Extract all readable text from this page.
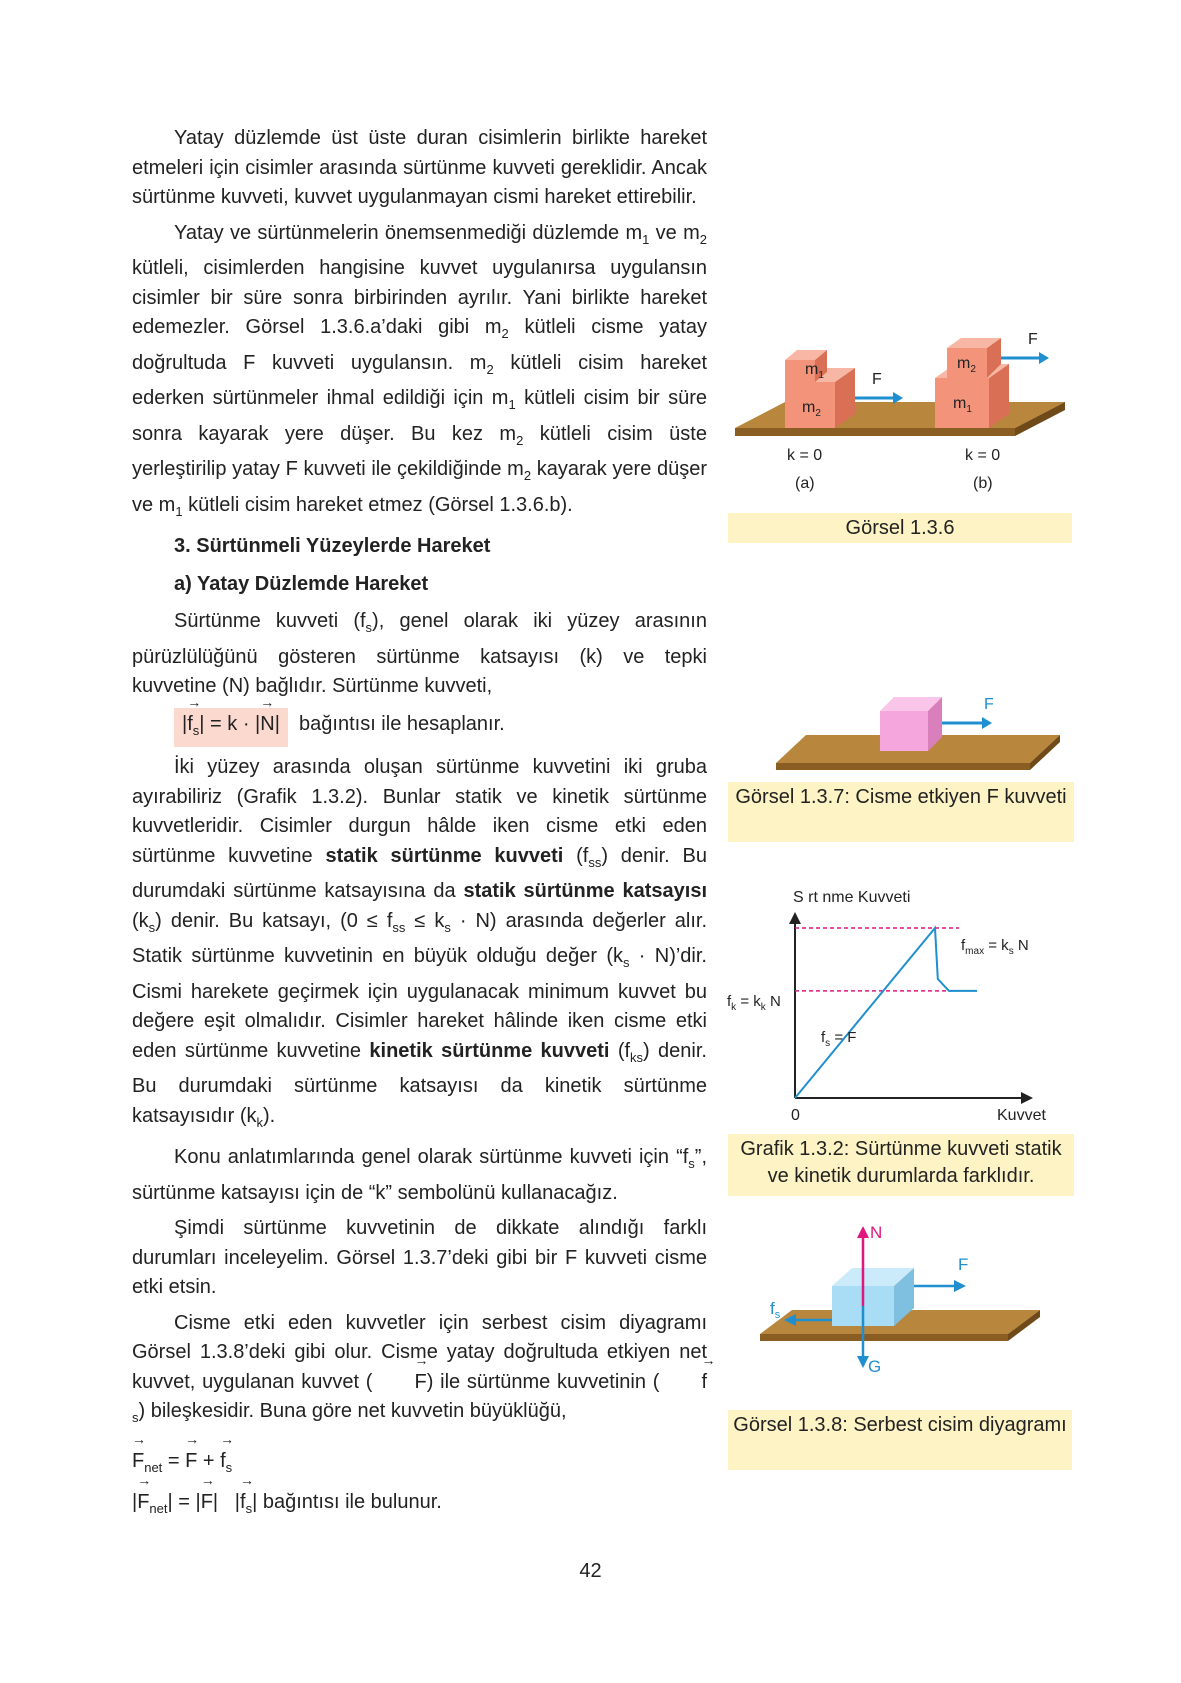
Yatay düzlemde üst üste duran cisimlerin birlikte hareket etmeleri için cisimler arasında sürtünme kuvveti gereklidir. Ancak sürtünme kuvveti, kuvvet uygulanmayan cismi hareket ettirebilir.

Yatay ve sürtünmelerin önemsenmediği düzlemde $m_1$ ve $m_2$ kütleli, cisimlerden hangisine kuvvet uygulanırsa uygulansın cisimler bir süre sonra birbirinden ayrılır. Yani birlikte hareket edemezler. Görsel 1.3.6.a’daki gibi $m_2$ kütleli cisme yatay doğrultuda F kuvveti uygulansın. $m_2$ kütleli cisim hareket ederken sürtünmeler ihmal edildiği için $m_1$ kütleli cisim bir süre sonra kayarak yere düşer. Bu kez $m_2$ kütleli cisim üste yerleştirilip yatay F kuvveti ile çekildiğinde $m_2$ kayarak yere düşer ve $m_1$ kütleli cisim hareket etmez (Görsel 1.3.6.b).

3. Sürtünmeli Yüzeylerde Hareket

a) Yatay Düzlemde Hareket

Sürtünme kuvveti $(f_s)$, genel olarak iki yüzey arasının pürüzlülüğünü gösteren sürtünme katsayısı (k) ve tepki kuvvetine (N) bağlıdır. Sürtünme kuvveti,

|→ $f_s| = k$ · |→ N| bağıntısı ile hesaplanır.

İki yüzey arasında oluşan sürtünme kuvvetini iki gruba ayırabiliriz (Grafik 1.3.2). Bunlar statik ve kinetik sürtünme kuvvetleridir. Cisimler durgun hâlde iken cisme etki eden sürtünme kuvvetine statik sürtünme kuvveti $(f_{ss})$ denir. Bu durumdaki sürtünme katsayısına da statik sürtünme katsayısı $(k_s)$ denir. Bu katsayı, $(0 \le f_{ss} \le k_s \cdot N)$ arasında değerler alır. Statik sürtünme kuvvetinin en büyük olduğu değer ($k_s$ · N)’dir. Cismi harekete geçirmek için uygulanacak minimum kuvvet bu değere eşit olmalıdır. Cisimler hareket hâlinde iken cisme etki eden sürtünme kuvvetine kinetik sürtünme kuvveti $(f_{ks})$ denir. Bu durumdaki sürtünme katsayısı da kinetik sürtünme katsayısıdır $(k_k)$.

Konu anlatımlarında genel olarak sürtünme kuvveti için “$f_s$”, sürtünme katsayısı için de “k” sembolünü kullanacağız.

Şimdi sürtünme kuvvetinin de dikkate alındığı farklı durumları inceleyelim. Görsel 1.3.7’deki gibi bir F kuvveti cisme etki etsin.

Cisme etki eden kuvvetler için serbest cisim diyagramı Görsel 1.3.8’deki gibi olur. Cisme yatay doğrultuda etkiyen net kuvvet, uygulanan kuvvet ( → F) ile sürtünme kuvvetinin ( → $f_s$) bileşkesidir. Buna göre net kuvvetin büyüklüğü,

→ $F_{net}$ = → F + → $f_s$

|→ $F_{net}|$ = |→ F| |→ $f_s|$ bağıntısı ile bulunur.

$m_1$
$m_2$
F
$m_2$
$m_1$
F
k = 0	k = 0
(a)	(b)
Görsel 1.3.6
F
Görsel 1.3.7: Cisme etkiyen F kuvveti
S rt nme Kuvveti
0	Kuvvet
$f_{max} = k_s$ N
$f_k = k_k$ N
$f_s = F$
Grafik 1.3.2: Sürtünme kuvveti statik ve kinetik durumlarda farklıdır.
N
G
F
$f_s$
Görsel 1.3.8: Serbest cisim diyagramı
42
